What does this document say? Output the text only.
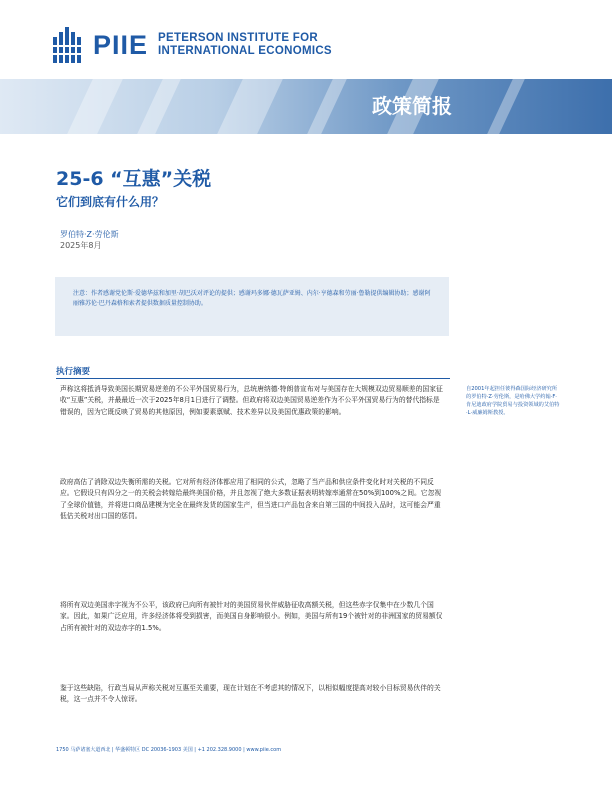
PIIE PETERSON INSTITUTE FOR
INTERNATIONAL ECONOMICS
政策简报
25-6 “互惠”关税
它们到底有什么用？
罗伯特·Z·劳伦斯
2025年8月
注意：作者感谢党伦斯·爱德华兹和加里·胡巴沃对评论的提供；感谢玛多娜·德瓦萨亚姆、内尔·亨德森和劳丽·鲁勒提供编辑协助；感谢阿丽雅苏伦·巴丹森格和索者提供数据质量控制协助。
执行摘要
声称这将抵消导致美国长期贸易逆差的不公平外国贸易行为，总统唐纳德·特朗普宣布对与美国存在大规模双边贸易顺差的国家征收“互惠”关税，并最最近一次于2025年8月1日进行了调整。但政府将双边美国贸易逆差作为不公平外国贸易行为的替代指标是错误的，因为它既反映了贸易的其他原因，例如要素禀赋、技术差异以及美国优惠政策的影响。
政府高估了消除双边失衡所需的关税。它对所有经济体都应用了相同的公式，忽略了当产品和供应条件变化时对关税的不同反应。它假设只有四分之一的关税会转嫁给最终美国价格，并且忽视了绝大多数证据表明转嫁率通常在50%到100%之间。它忽视了全球价值链，并将进口商品建模为完全在最终发货的国家生产，但当进口产品包含来自第三国的中间投入品时，这可能会严重低估关税对出口国的惩罚。
将所有双边美国赤字视为不公平，该政府已向所有被针对的美国贸易伙伴威胁征收高额关税，但这些赤字仅集中在少数几个国家。因此，如果广泛应用，许多经济体将受到损害，而美国自身影响很小。例如，美国与所有19个被针对的非洲国家的贸易额仅占所有被针对的双边赤字的1.5%。
鉴于这些缺陷，行政当局从声称关税对互惠至关重要，现在计划在不考虑其的情况下，以相似幅度提高对较小目标贸易伙伴的关税，这一点并不令人惊讶。
自2001年起担任彼得森国际经济研究所的罗伯特·Z·劳伦斯，是哈佛大学约翰·F·肯尼迪政府学院贸易与投资领域的艾伯特·L·威廉姆斯教授。
1750 马萨诸塞大道西北 | 华盛顿特区 DC 20036-1903 美国 | +1 202.328.9000 | www.piie.com
